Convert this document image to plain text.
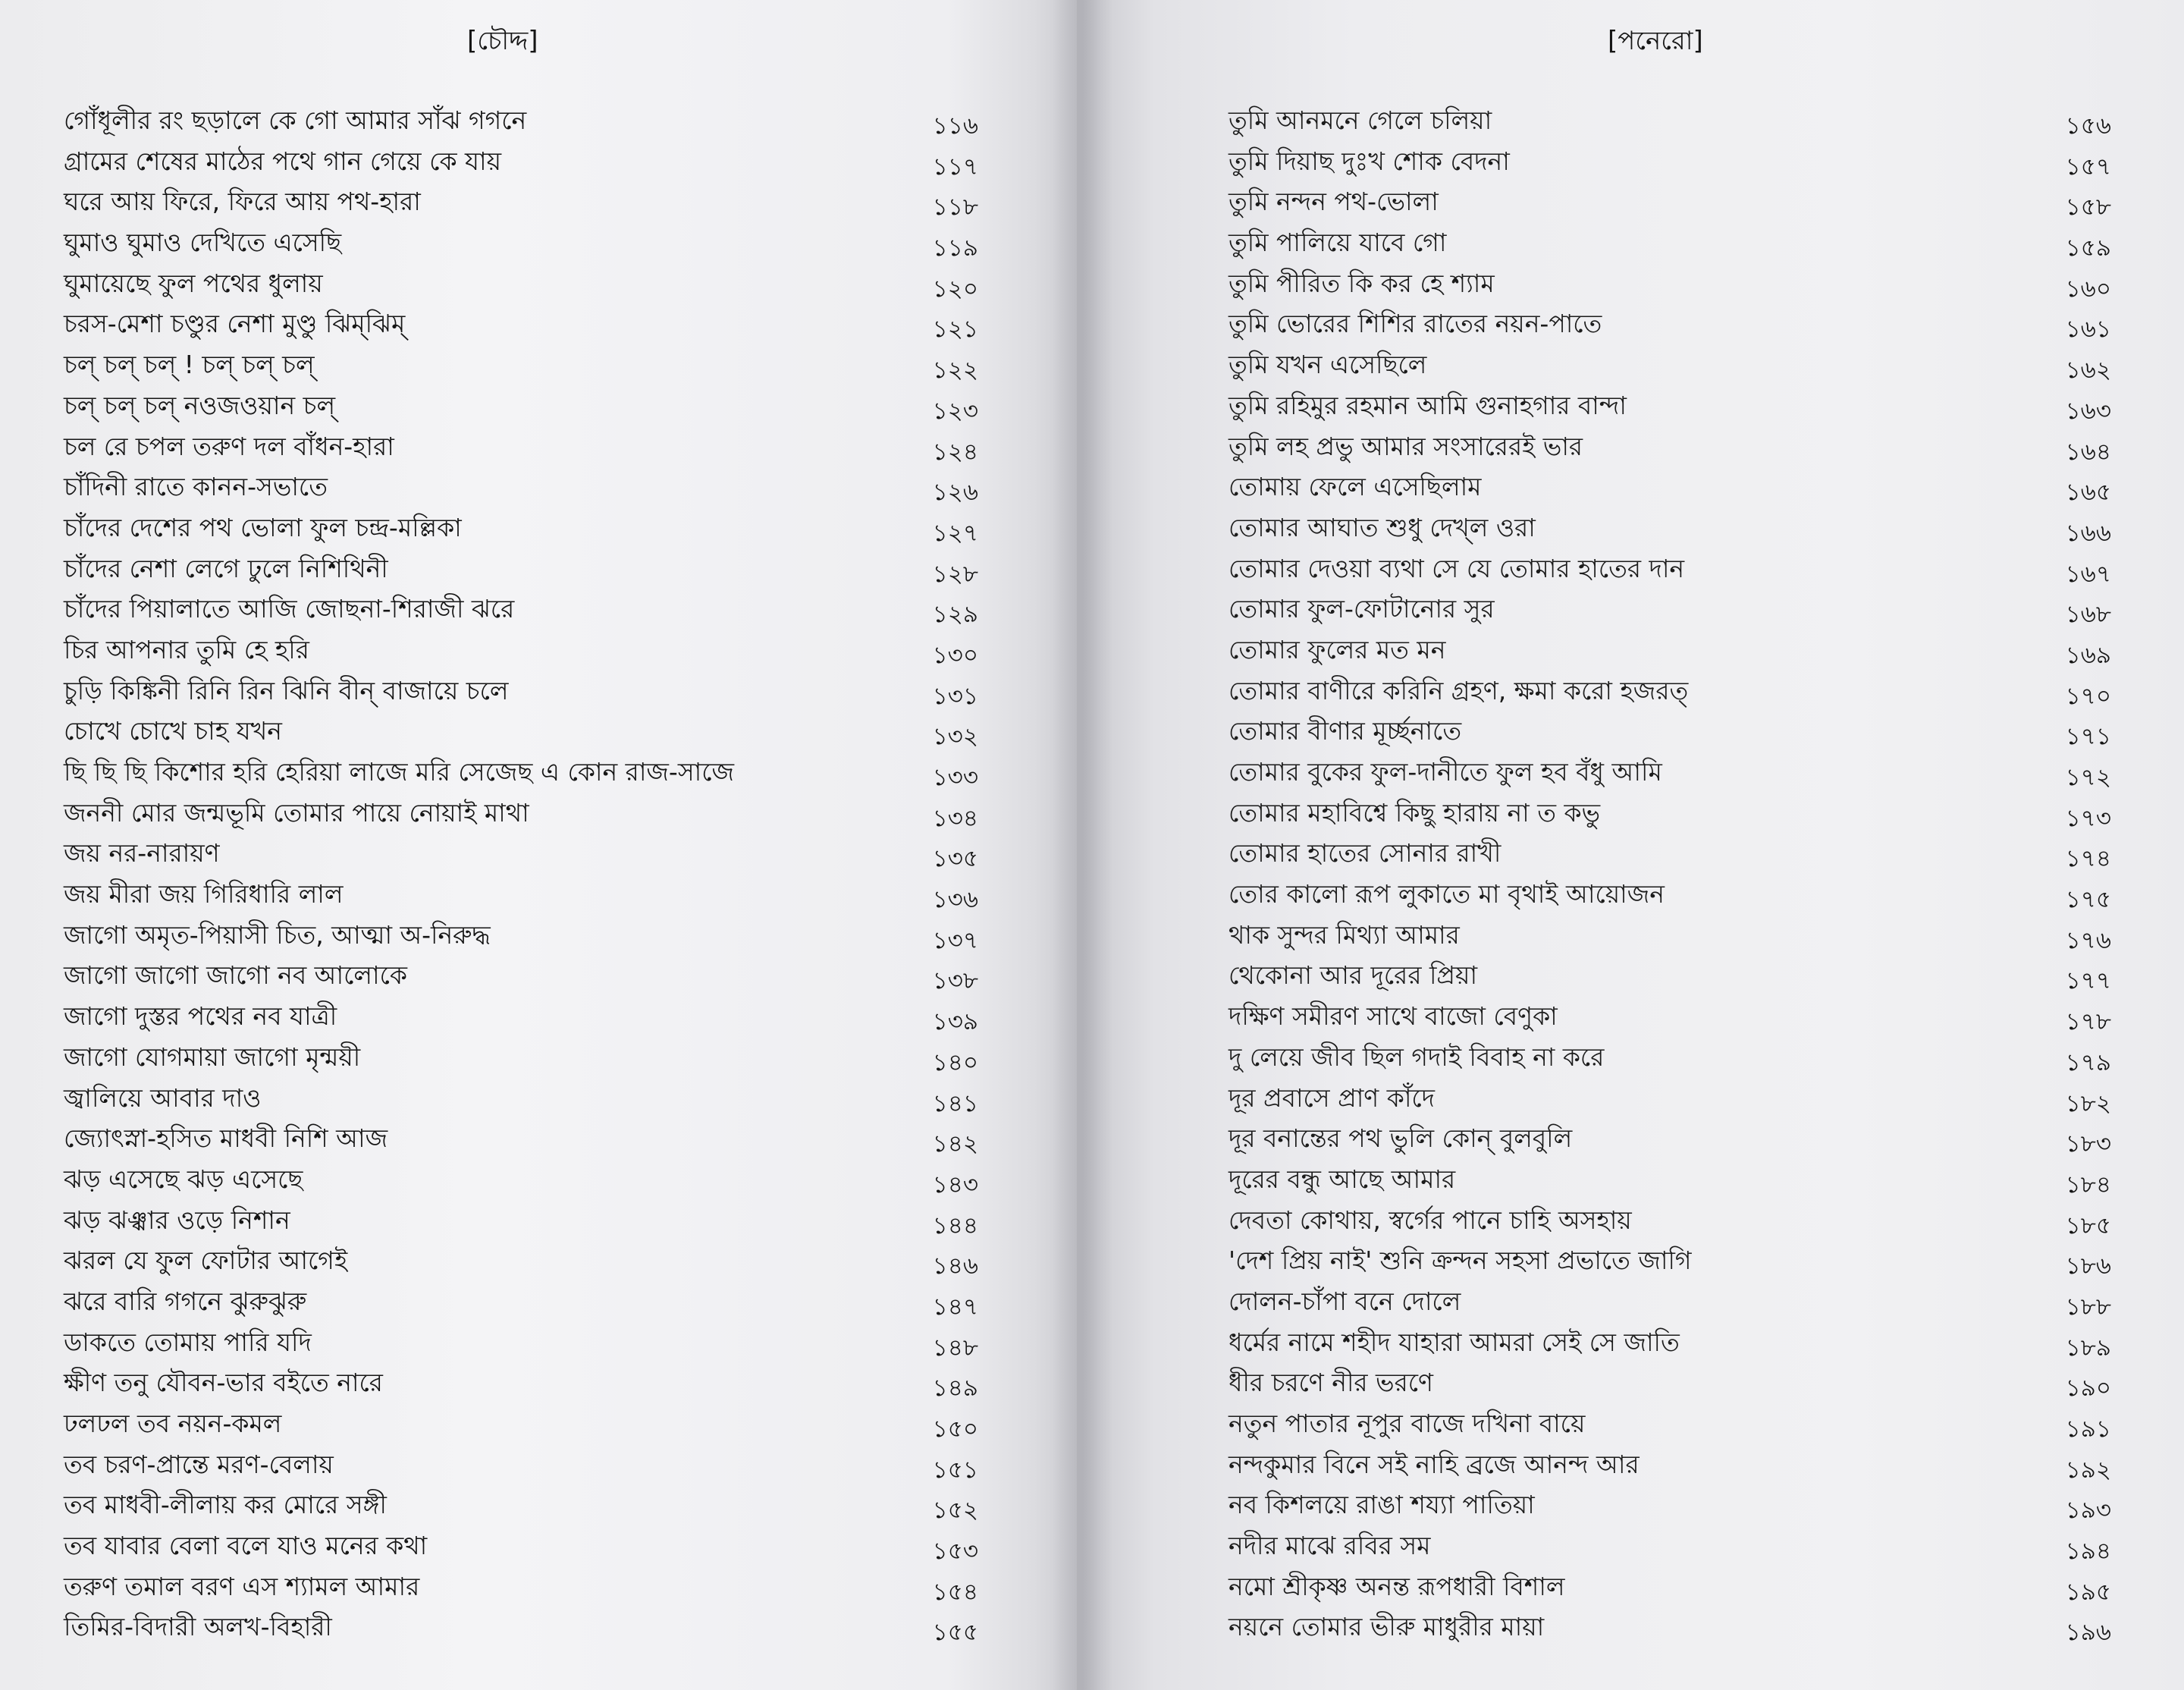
[চৌদ্দ]
গোঁধূলীর রং ছড়ালে কে গো আমার সাঁঝ গগনে	১১৬
গ্রামের শেষের মাঠের পথে গান গেয়ে কে যায়	১১৭
ঘরে আয় ফিরে, ফিরে আয় পথ-হারা	১১৮
ঘুমাও ঘুমাও দেখিতে এসেছি	১১৯
ঘুমায়েছে ফুল পথের ধুলায়	১২০
চরস-মেশা চণ্ডুর নেশা মুণ্ডু ঝিম্‌ঝিম্‌	১২১
চল্‌ চল্‌ চল্‌ ! চল্‌ চল্‌ চল্‌	১২২
চল্‌ চল্‌ চল্‌ নওজওয়ান চল্‌	১২৩
চল রে চপল তরুণ দল বাঁধন-হারা	১২৪
চাঁদিনী রাতে কানন-সভাতে	১২৬
চাঁদের দেশের পথ ভোলা ফুল চন্দ্র-মল্লিকা	১২৭
চাঁদের নেশা লেগে ঢুলে নিশিথিনী	১২৮
চাঁদের পিয়ালাতে আজি জোছনা-শিরাজী ঝরে	১২৯
চির আপনার তুমি হে হরি	১৩০
চুড়ি কিঙ্কিনী রিনি রিন ঝিনি বীন্‌ বাজায়ে চলে	১৩১
চোখে চোখে চাহ যখন	১৩২
ছি ছি ছি কিশোর হরি হেরিয়া লাজে মরি সেজেছ এ কোন রাজ-সাজে	১৩৩
জননী মোর জন্মভূমি তোমার পায়ে নোয়াই মাথা	১৩৪
জয় নর-নারায়ণ	১৩৫
জয় মীরা জয় গিরিধারি লাল	১৩৬
জাগো অমৃত-পিয়াসী চিত, আত্মা অ-নিরুদ্ধ	১৩৭
জাগো জাগো জাগো নব আলোকে	১৩৮
জাগো দুস্তর পথের নব যাত্রী	১৩৯
জাগো যোগমায়া জাগো মৃন্ময়ী	১৪০
জ্বালিয়ে আবার দাও	১৪১
জ্যোৎস্না-হসিত মাধবী নিশি আজ	১৪২
ঝড় এসেছে ঝড় এসেছে	১৪৩
ঝড় ঝঞ্ঝার ওড়ে নিশান	১৪৪
ঝরল যে ফুল ফোটার আগেই	১৪৬
ঝরে বারি গগনে ঝুরুঝুরু	১৪৭
ডাকতে তোমায় পারি যদি	১৪৮
ক্ষীণ তনু যৌবন-ভার বইতে নারে	১৪৯
ঢলঢল তব নয়ন-কমল	১৫০
তব চরণ-প্রান্তে মরণ-বেলায়	১৫১
তব মাধবী-লীলায় কর মোরে সঙ্গী	১৫২
তব যাবার বেলা বলে যাও মনের কথা	১৫৩
তরুণ তমাল বরণ এস শ্যামল আমার	১৫৪
তিমির-বিদারী অলখ-বিহারী	১৫৫
[পনেরো]
তুমি আনমনে গেলে চলিয়া	১৫৬
তুমি দিয়াছ দুঃখ শোক বেদনা	১৫৭
তুমি নন্দন পথ-ভোলা	১৫৮
তুমি পালিয়ে যাবে গো	১৫৯
তুমি পীরিত কি কর হে শ্যাম	১৬০
তুমি ভোরের শিশির রাতের নয়ন-পাতে	১৬১
তুমি যখন এসেছিলে	১৬২
তুমি রহিমুর রহমান আমি গুনাহগার বান্দা	১৬৩
তুমি লহ প্রভু আমার সংসারেরই ভার	১৬৪
তোমায় ফেলে এসেছিলাম	১৬৫
তোমার আঘাত শুধু দেখ্‌ল ওরা	১৬৬
তোমার দেওয়া ব্যথা সে যে তোমার হাতের দান	১৬৭
তোমার ফুল-ফোটানোর সুর	১৬৮
তোমার ফুলের মত মন	১৬৯
তোমার বাণীরে করিনি গ্রহণ, ক্ষমা করো হজরত্‌	১৭০
তোমার বীণার মূর্চ্ছনাতে	১৭১
তোমার বুকের ফুল-দানীতে ফুল হব বঁধু আমি	১৭২
তোমার মহাবিশ্বে কিছু হারায় না ত কভু	১৭৩
তোমার হাতের সোনার রাখী	১৭৪
তোর কালো রূপ লুকাতে মা বৃথাই আয়োজন	১৭৫
থাক সুন্দর মিথ্যা আমার	১৭৬
থেকোনা আর দূরের প্রিয়া	১৭৭
দক্ষিণ সমীরণ সাথে বাজো বেণুকা	১৭৮
দু লেয়ে জীব ছিল গদাই বিবাহ না করে	১৭৯
দূর প্রবাসে প্রাণ কাঁদে	১৮২
দূর বনান্তের পথ ভুলি কোন্‌ বুলবুলি	১৮৩
দূরের বন্ধু আছে আমার	১৮৪
দেবতা কোথায়, স্বর্গের পানে চাহি অসহায়	১৮৫
'দেশ প্রিয় নাই' শুনি ক্রন্দন সহসা প্রভাতে জাগি	১৮৬
দোলন-চাঁপা বনে দোলে	১৮৮
ধর্মের নামে শহীদ যাহারা আমরা সেই সে জাতি	১৮৯
ধীর চরণে নীর ভরণে	১৯০
নতুন পাতার নূপুর বাজে দখিনা বায়ে	১৯১
নন্দকুমার বিনে সই নাহি ব্রজে আনন্দ আর	১৯২
নব কিশলয়ে রাঙা শয্যা পাতিয়া	১৯৩
নদীর মাঝে রবির সম	১৯৪
নমো শ্রীকৃষ্ণ অনন্ত রূপধারী বিশাল	১৯৫
নয়নে তোমার ভীরু মাধুরীর মায়া	১৯৬
